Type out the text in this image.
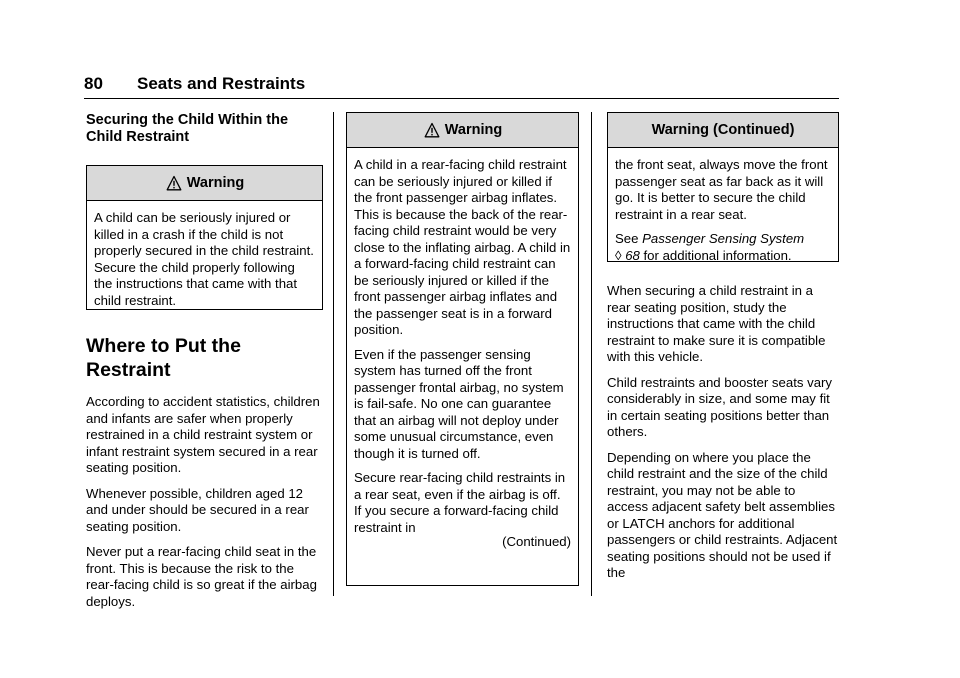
80 Seats and Restraints
Securing the Child Within the
Child Restraint
Warning

A child can be seriously injured or killed in a crash if the child is not properly secured in the child restraint. Secure the child properly following the instructions that came with that child restraint.

Where to Put the
Restraint

According to accident statistics, children and infants are safer when properly restrained in a child restraint system or infant restraint system secured in a rear seating position.

Whenever possible, children aged 12 and under should be secured in a rear seating position.

Never put a rear-facing child seat in the front. This is because the risk to the rear-facing child is so great if the airbag deploys.

Warning

A child in a rear-facing child restraint can be seriously injured or killed if the front passenger airbag inflates. This is because the back of the rear-facing child restraint would be very close to the inflating airbag. A child in a forward-facing child restraint can be seriously injured or killed if the front passenger airbag inflates and the passenger seat is in a forward position.

Even if the passenger sensing system has turned off the front passenger frontal airbag, no system is fail-safe. No one can guarantee that an airbag will not deploy under some unusual circumstance, even though it is turned off.

Secure rear-facing child restraints in a rear seat, even if the airbag is off. If you secure a forward-facing child restraint in

(Continued)
Warning (Continued)

the front seat, always move the front passenger seat as far back as it will go. It is better to secure the child restraint in a rear seat.

See Passenger Sensing System
◊ 68 for additional information.

When securing a child restraint in a rear seating position, study the instructions that came with the child restraint to make sure it is compatible with this vehicle.

Child restraints and booster seats vary considerably in size, and some may fit in certain seating positions better than others.

Depending on where you place the child restraint and the size of the child restraint, you may not be able to access adjacent safety belt assemblies or LATCH anchors for additional passengers or child restraints. Adjacent seating positions should not be used if the
